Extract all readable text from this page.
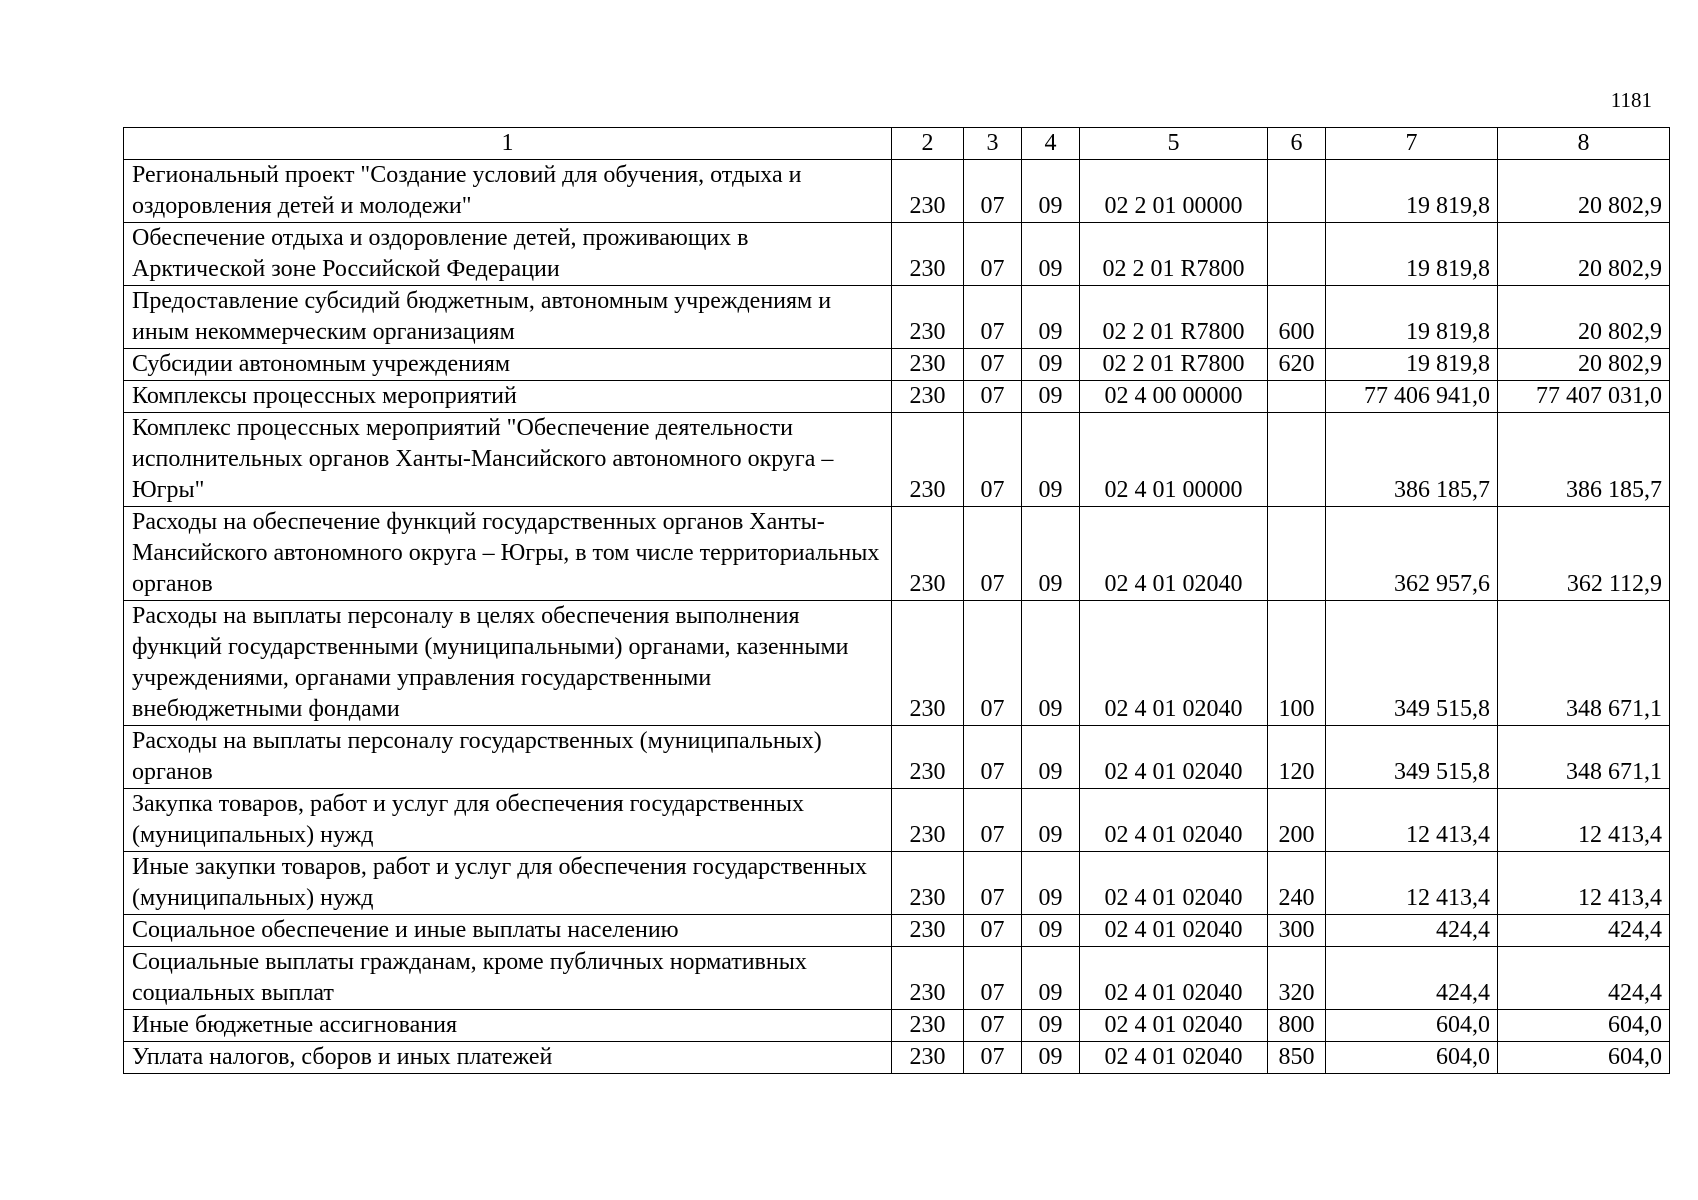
1181
1	2	3	4	5	6	7	8
Региональный проект "Создание условий для обучения, отдыха и оздоровления детей и молодежи"	230	07	09	02 2 01 00000		19 819,8	20 802,9
Обеспечение отдыха и оздоровление детей, проживающих в Арктической зоне Российской Федерации	230	07	09	02 2 01 R7800		19 819,8	20 802,9
Предоставление субсидий бюджетным, автономным учреждениям и иным некоммерческим организациям	230	07	09	02 2 01 R7800	600	19 819,8	20 802,9
Субсидии автономным учреждениям	230	07	09	02 2 01 R7800	620	19 819,8	20 802,9
Комплексы процессных мероприятий	230	07	09	02 4 00 00000		77 406 941,0	77 407 031,0
Комплекс процессных мероприятий "Обеспечение деятельности исполнительных органов Ханты-Мансийского автономного округа – Югры"	230	07	09	02 4 01 00000		386 185,7	386 185,7
Расходы на обеспечение функций государственных органов Ханты-Мансийского автономного округа – Югры, в том числе территориальных органов	230	07	09	02 4 01 02040		362 957,6	362 112,9
Расходы на выплаты персоналу в целях обеспечения выполнения функций государственными (муниципальными) органами, казенными учреждениями, органами управления государственными внебюджетными фондами	230	07	09	02 4 01 02040	100	349 515,8	348 671,1
Расходы на выплаты персоналу государственных (муниципальных) органов	230	07	09	02 4 01 02040	120	349 515,8	348 671,1
Закупка товаров, работ и услуг для обеспечения государственных (муниципальных) нужд	230	07	09	02 4 01 02040	200	12 413,4	12 413,4
Иные закупки товаров, работ и услуг для обеспечения государственных (муниципальных) нужд	230	07	09	02 4 01 02040	240	12 413,4	12 413,4
Социальное обеспечение и иные выплаты населению	230	07	09	02 4 01 02040	300	424,4	424,4
Социальные выплаты гражданам, кроме публичных нормативных социальных выплат	230	07	09	02 4 01 02040	320	424,4	424,4
Иные бюджетные ассигнования	230	07	09	02 4 01 02040	800	604,0	604,0
Уплата налогов, сборов и иных платежей	230	07	09	02 4 01 02040	850	604,0	604,0
